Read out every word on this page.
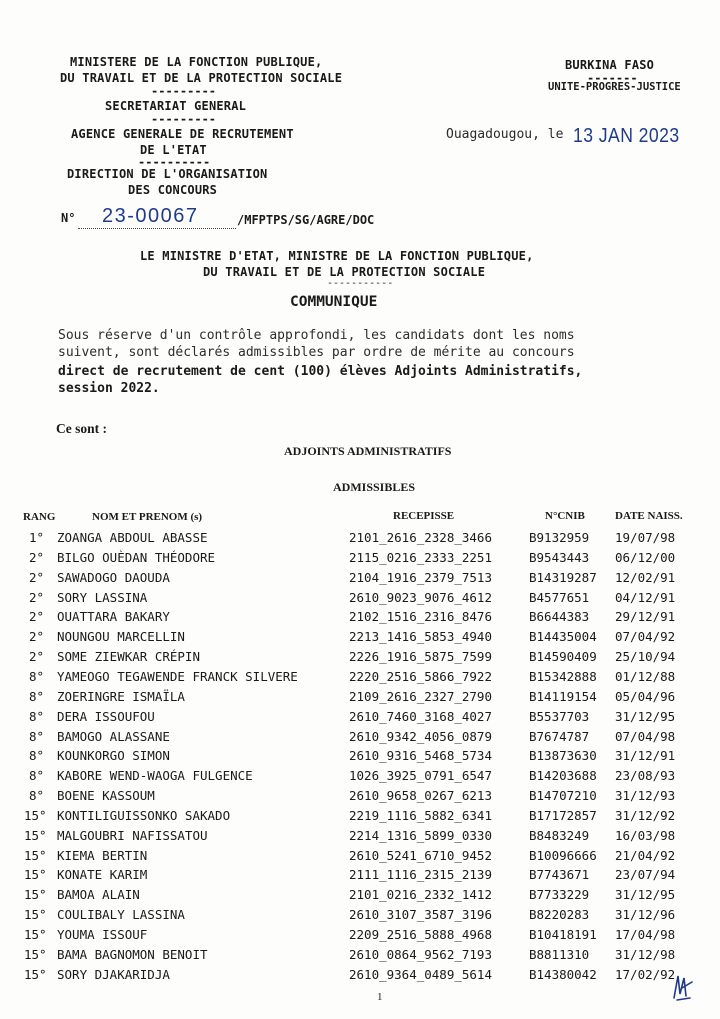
MINISTERE DE LA FONCTION PUBLIQUE,
DU TRAVAIL ET DE LA PROTECTION SOCIALE
---------
SECRETARIAT GENERAL
---------
AGENCE GENERALE DE RECRUTEMENT
DE L'ETAT
----------
DIRECTION DE L'ORGANISATION
DES CONCOURS
BURKINA FASO
-------
UNITE-PROGRES-JUSTICE
Ouagadougou, le 13 JAN 2023
N° 23-00067	/MFPTPS/SG/AGRE/DOC
LE MINISTRE D'ETAT, MINISTRE DE LA FONCTION PUBLIQUE,
DU TRAVAIL ET DE LA PROTECTION SOCIALE
-----------
COMMUNIQUE
Sous réserve d'un contrôle approfondi, les candidats dont les noms
suivent, sont déclarés admissibles par ordre de mérite au concours
direct de recrutement de cent (100) élèves Adjoints Administratifs,
session 2022.
Ce sont :
ADJOINTS ADMINISTRATIFS
ADMISSIBLES
RANG	NOM ET PRENOM (s)	RECEPISSE	N°CNIB	DATE NAISS.
1° ZOANGA ABDOUL ABASSE	2101_2616_2328_3466	B9132959 19/07/98
2° BILGO OUÈDAN THÉODORE	2115_0216_2333_2251	B9543443 06/12/00
2° SAWADOGO DAOUDA	2104_1916_2379_7513	B14319287 12/02/91
2° SORY LASSINA	2610_9023_9076_4612	B4577651 04/12/91
2° OUATTARA BAKARY	2102_1516_2316_8476	B6644383 29/12/91
2° NOUNGOU MARCELLIN	2213_1416_5853_4940	B14435004 07/04/92
2° SOME ZIEWKAR CRÉPIN	2226_1916_5875_7599	B14590409 25/10/94
8° YAMEOGO TEGAWENDE FRANCK SILVERE	2220_2516_5866_7922	B15342888 01/12/88
8° ZOERINGRE ISMAÏLA	2109_2616_2327_2790	B14119154 05/04/96
8° DERA ISSOUFOU	2610_7460_3168_4027	B5537703 31/12/95
8° BAMOGO ALASSANE	2610_9342_4056_0879	B7674787 07/04/98
8° KOUNKORGO SIMON	2610_9316_5468_5734	B13873630 31/12/91
8° KABORE WEND-WAOGA FULGENCE	1026_3925_0791_6547	B14203688 23/08/93
8° BOENE KASSOUM	2610_9658_0267_6213	B14707210 31/12/93
15° KONTILIGUISSONKO SAKADO	2219_1116_5882_6341	B17172857 31/12/92
15° MALGOUBRI NAFISSATOU	2214_1316_5899_0330	B8483249 16/03/98
15° KIEMA BERTIN	2610_5241_6710_9452	B10096666 21/04/92
15° KONATE KARIM	2111_1116_2315_2139	B7743671 23/07/94
15° BAMOA ALAIN	2101_0216_2332_1412	B7733229 31/12/95
15° COULIBALY LASSINA	2610_3107_3587_3196	B8220283 31/12/96
15° YOUMA ISSOUF	2209_2516_5888_4968	B10418191 17/04/98
15° BAMA BAGNOMON BENOIT	2610_0864_9562_7193	B8811310 31/12/98
15° SORY DJAKARIDJA	2610_9364_0489_5614	B14380042 17/02/92
1
